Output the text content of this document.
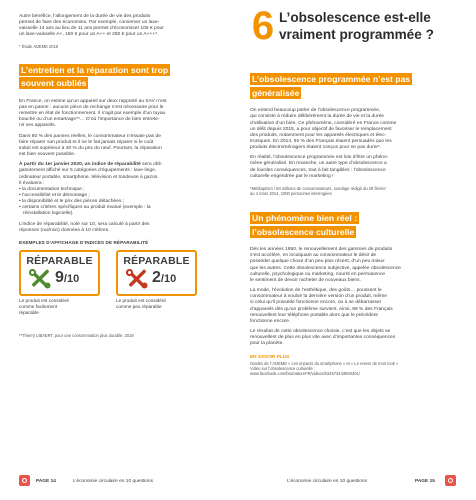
Autre bénéfice, l’allongement de la durée de vie des produits

permet de faire des économies. Par exemple, conserver un lave-

vaisselle 14 ans au lieu de 11 ans permet d’économiser 105 € pour

un lave-vaisselle A+, 150 € pour un A++ et 250 € pour un A+++*.

* Étude ADEME 2018

L’entretien et la réparation sont trop
souvent oubliés

En France, on estime qu’un appareil sur deux rapporté au SAV n’est

pas en panne : aucune pièce de rechange n’est nécessaire pour le

remettre en état de fonctionnement. Il s’agit par exemple d’un tuyau

bouché ou d’un entartrage**… D’où l’importance de bien entrete-

nir ses appareils.

Dans 60 % des pannes réelles, le consommateur n’essaie pas de

faire réparer son produit et il ne le fait jamais réparer si le coût

induit est supérieur à 30 % du prix du neuf. Pourtant, la réparation

est bien souvent possible.

À partir du 1er janvier 2020, un indice de réparabilité sera obli-

gatoirement affiché sur 5 catégories d’équipements : lave-linge,

ordinateur portable, smartphone, télévision et tondeuse à gazon.

Il évaluera :

• la documentation technique ;

• l’accessibilité et le démontage ;

• la disponibilité et le prix des pièces détachées ;

• certains critères spécifiques au produit évalué (exemple : la

réinstallation logicielle).

L’indice de réparabilité, noté sur 10, sera calculé à partir des

réponses (oui/non) données à 10 critères.

EXEMPLES D’AFFICHAGE D’INDICES DE RÉPARABILITÉ

RÉPARABLE
9/10
Le produit est considéré
comme facilement
réparable
RÉPARABLE
2/10
Le produit est considéré
comme peu réparable

**Thierry LIBAERT, pour une consommation plus durable, 2018

6 L’obsolescence est-elle
vraiment programmée ?
L’obsolescence programmée n’est pas généralisée

On entend beaucoup parler de l’obsolescence programmée,

qui consiste à réduire délibérément la durée de vie et la durée

d’utilisation d’un bien. Ce phénomène, considéré en France comme

un délit depuis 2015, a pour objectif de favoriser le remplacement

des produits, notamment pour les appareils électriques et élec-

troniques. En 2014, 92 % des Français étaient persuadés que les

produits électroménagers étaient conçus pour ne pas durer*.

En réalité, l’obsolescence programmée est loin d’être un phéno-

mène généralisé. En revanche, un autre type d’obsolescence a

de lourdes conséquences, tout à fait tangibles : l’obsolescence

culturelle engendrée par le marketing !

*Médiaprism / 60 millions de consommateurs, sondage rédigé du 28 février

au 4 mars 2014, 1000 personnes interrogées

Un phénomène bien réel :
l’obsolescence culturelle

Dès les années 1950, le renouvellement des gammes de produits

s’est accéléré, en inculquant au consommateur le désir de

posséder quelque chose d’un peu plus récent, d’un peu mieux

que les autres. Cette obsolescence subjective, appelée obsolescence

culturelle, psychologique ou marketing, nourrit en permanence

le sentiment de devoir racheter de nouveaux biens.

La mode, l’évolution de l’esthétique, des goûts… poussent le

consommateur à vouloir la dernière version d’un produit, même

si celui qu’il possède fonctionne encore, ou à se débarrasser

d’appareils dès qu’un problème survient. Ainsi, 88 % des Français

renouvellent leur téléphone portable alors que le précédent

fonctionne encore.

Le résultat de cette obsolescence choisie, c’est que les objets se

renouvellent de plus en plus vite avec d’importantes conséquences

pour la planète.

EN SAVOIR PLUS

Guides de l’ ADEME « Les impacts du smartphone » et « Le revers de mon look »

Vidéo sur l’obsolescence culturelle :

www.facebook.com/brutnatureFR/videos/534573443693301/

PAGE 14	L’économie circulaire en 10 questions	L’économie circulaire en 10 questions	PAGE 15
